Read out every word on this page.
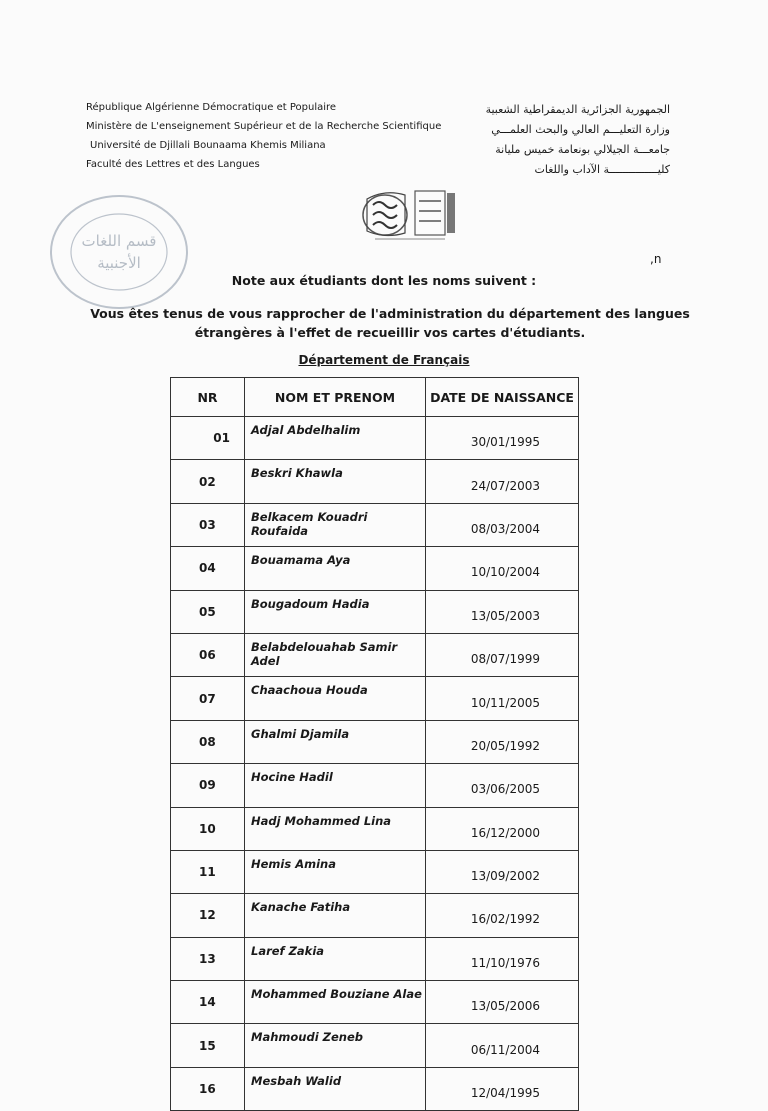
République Algérienne Démocratique et Populaire
Ministère de L'enseignement Supérieur et de la Recherche Scientifique
Université de Djillali Bounaama Khemis Miliana
Faculté des Lettres et des Langues
الجمهورية الجزائرية الديمقراطية الشعبية
وزارة التعليـــم العالي والبحث العلمـــي
جامعـــة الجيلالي بونعامة خميس مليانة
كليـــــــــــــــة الآداب واللغات
قسم اللغات
الأجنبية	,n
Note aux étudiants dont les noms suivent :
Vous êtes tenus de vous rapprocher de l'administration du département des langues étrangères à l'effet de recueillir vos cartes d'étudiants.
Département de Français
NR	NOM ET PRENOM	DATE DE NAISSANCE
01	Adjal Abdelhalim	30/01/1995
02	Beskri Khawla	24/07/2003
03	Belkacem Kouadri Roufaida	08/03/2004
04	Bouamama Aya	10/10/2004
05	Bougadoum Hadia	13/05/2003
06	Belabdelouahab Samir Adel	08/07/1999
07	Chaachoua Houda	10/11/2005
08	Ghalmi Djamila	20/05/1992
09	Hocine Hadil	03/06/2005
10	Hadj Mohammed Lina	16/12/2000
11	Hemis Amina	13/09/2002
12	Kanache Fatiha	16/02/1992
13	Laref Zakia	11/10/1976
14	Mohammed Bouziane Alae	13/05/2006
15	Mahmoudi Zeneb	06/11/2004
16	Mesbah Walid	12/04/1995
